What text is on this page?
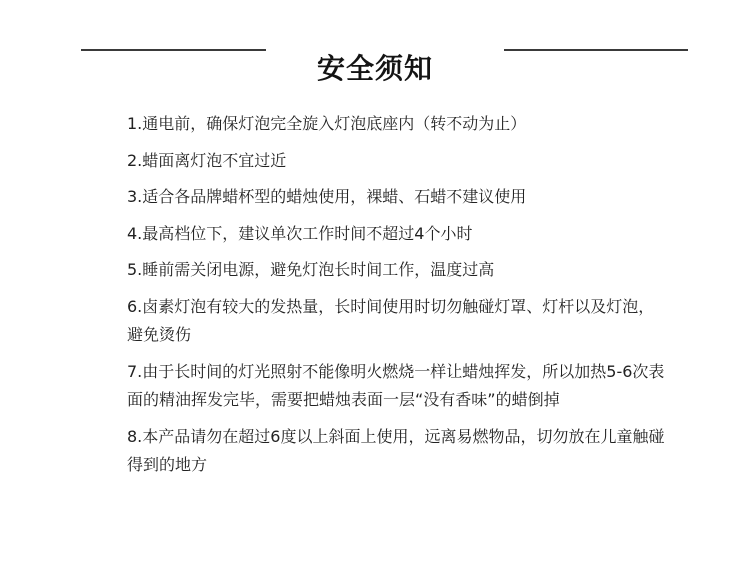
安全须知
1.通电前，确保灯泡完全旋入灯泡底座内（转不动为止）
2.蜡面离灯泡不宜过近
3.适合各品牌蜡杯型的蜡烛使用，裸蜡、石蜡不建议使用
4.最高档位下，建议单次工作时间不超过4个小时
5.睡前需关闭电源，避免灯泡长时间工作，温度过高
6.卤素灯泡有较大的发热量，长时间使用时切勿触碰灯罩、灯杆以及灯泡，避免烫伤
7.由于长时间的灯光照射不能像明火燃烧一样让蜡烛挥发，所以加热5-6次表面的精油挥发完毕，需要把蜡烛表面一层“没有香味”的蜡倒掉
8.本产品请勿在超过6度以上斜面上使用，远离易燃物品，切勿放在儿童触碰得到的地方
